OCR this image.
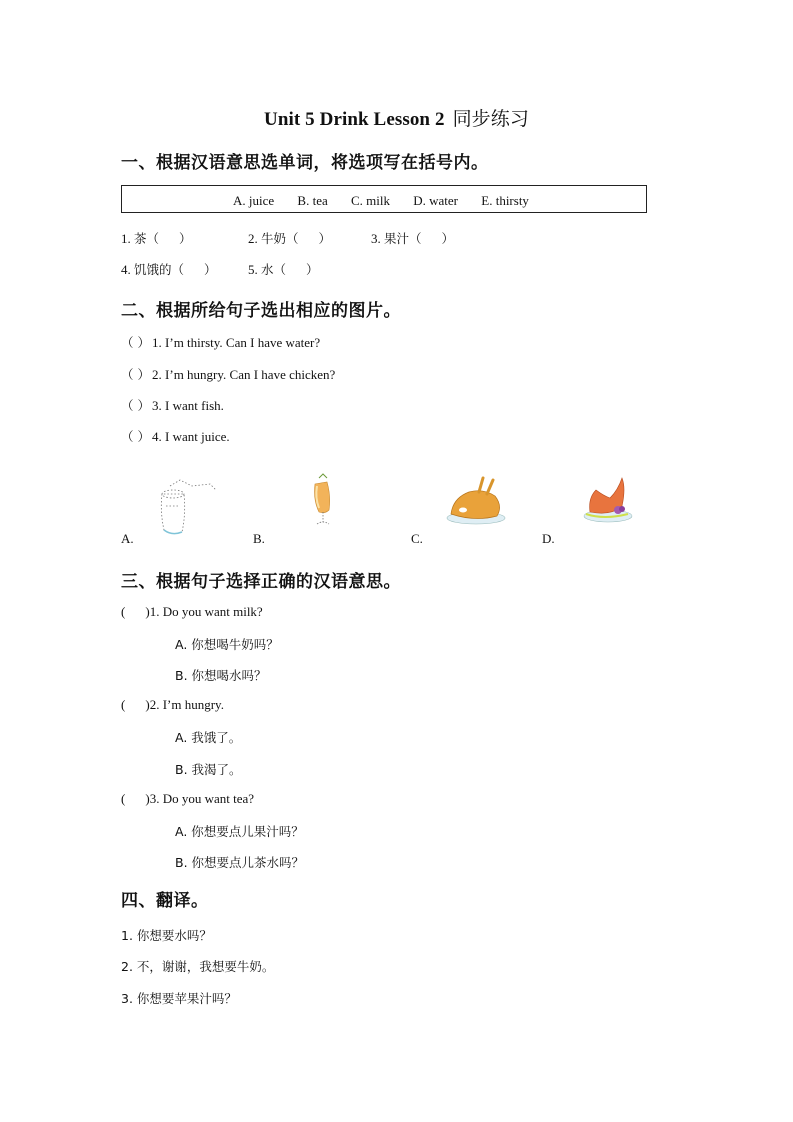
Unit 5 Drink Lesson 2 同步练习
一、根据汉语意思选单词，将选项写在括号内。
A. juice B. tea C. milk D. water E. thirsty
1. 茶（ ）	2. 牛奶（ ）	3. 果汁（ ）
4. 饥饿的（ ） 5. 水（ ）
二、根据所给句子选出相应的图片。
（ ） 1. I’m thirsty. Can I have water?
（ ） 2. I’m hungry. Can I have chicken?
（ ） 3. I want fish.
（ ） 4. I want juice.
A.	B.	C.	D.
三、根据句子选择正确的汉语意思。
( )1. Do you want milk?
A. 你想喝牛奶吗？
B. 你想喝水吗？
( )2. I’m hungry.
A. 我饿了。
B. 我渴了。
( )3. Do you want tea?
A. 你想要点儿果汁吗？
B. 你想要点儿茶水吗？
四、翻译。
1. 你想要水吗？
2. 不，谢谢，我想要牛奶。
3. 你想要苹果汁吗？
